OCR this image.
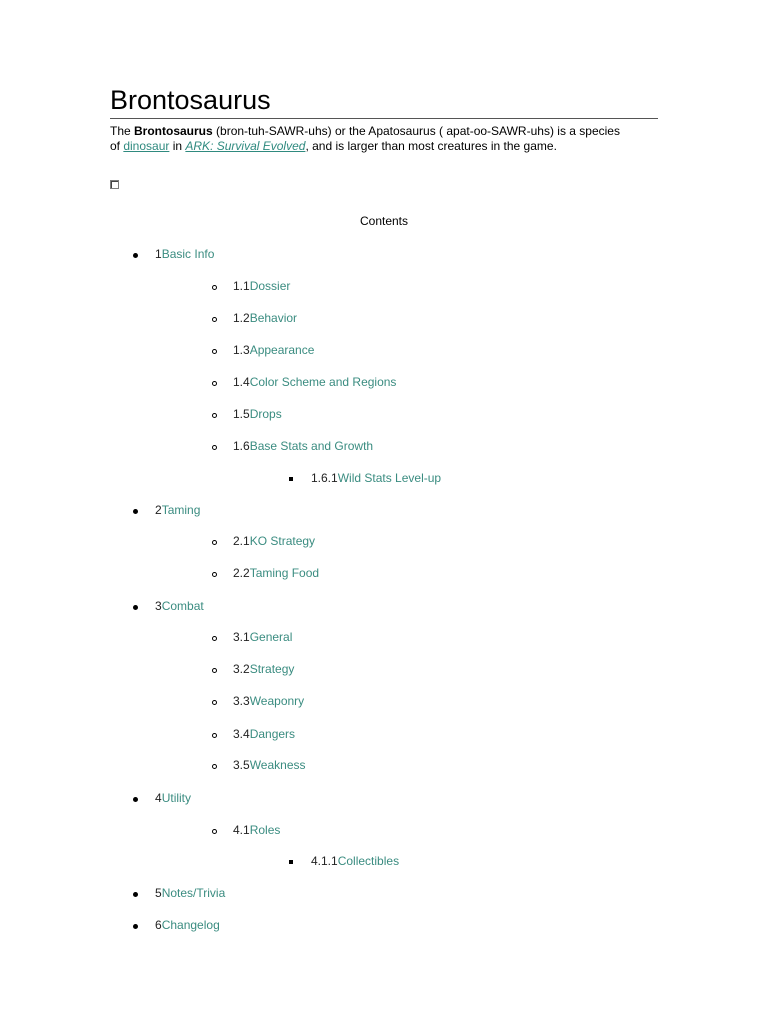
Brontosaurus

The Brontosaurus (bron-tuh-SAWR-uhs) or the Apatosaurus ( apat-oo-SAWR-uhs) is a species of dinosaur in ARK: Survival Evolved, and is larger than most creatures in the game.

Contents
1Basic Info
1.1Dossier
1.2Behavior
1.3Appearance
1.4Color Scheme and Regions
1.5Drops
1.6Base Stats and Growth
1.6.1Wild Stats Level-up
2Taming
2.1KO Strategy
2.2Taming Food
3Combat
3.1General
3.2Strategy
3.3Weaponry
3.4Dangers
3.5Weakness
4Utility
4.1Roles
4.1.1Collectibles
5Notes/Trivia
6Changelog
